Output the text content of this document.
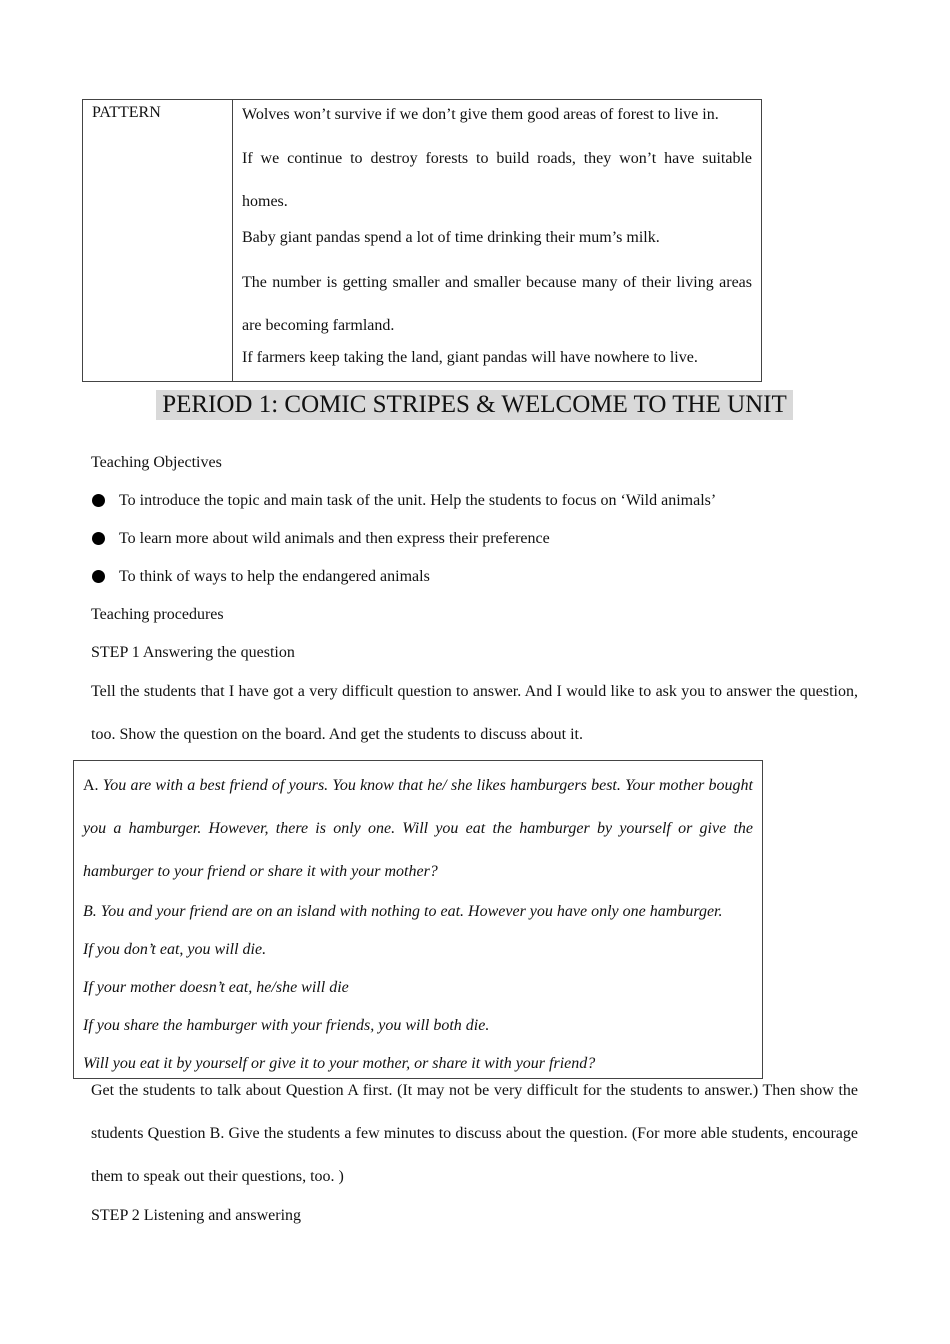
PATTERN	Wolves won’t survive if we don’t give them good areas of forest to live in.

If we continue to destroy forests to build roads, they won’t have suitable homes.

Baby giant pandas spend a lot of time drinking their mum’s milk.

The number is getting smaller and smaller because many of their living areas are becoming farmland.

If farmers keep taking the land, giant pandas will have nowhere to live.

PERIOD 1: COMIC STRIPES & WELCOME TO THE UNIT
Teaching Objectives
To introduce the topic and main task of the unit. Help the students to focus on ‘Wild animals’
To learn more about wild animals and then express their preference
To think of ways to help the endangered animals
Teaching procedures
STEP 1 Answering the question
Tell the students that I have got a very difficult question to answer. And I would like to ask you to answer the question, too. Show the question on the board. And get the students to discuss about it.
A. You are with a best friend of yours. You know that he/ she likes hamburgers best. Your mother bought you a hamburger. However, there is only one. Will you eat the hamburger by yourself or give the hamburger to your friend or share it with your mother?
B. You and your friend are on an island with nothing to eat. However you have only one hamburger.
If you don’t eat, you will die.
If your mother doesn’t eat, he/she will die
If you share the hamburger with your friends, you will both die.
Will you eat it by yourself or give it to your mother, or share it with your friend?
Get the students to talk about Question A first. (It may not be very difficult for the students to answer.) Then show the students Question B. Give the students a few minutes to discuss about the question. (For more able students, encourage them to speak out their questions, too. )
STEP 2 Listening and answering
